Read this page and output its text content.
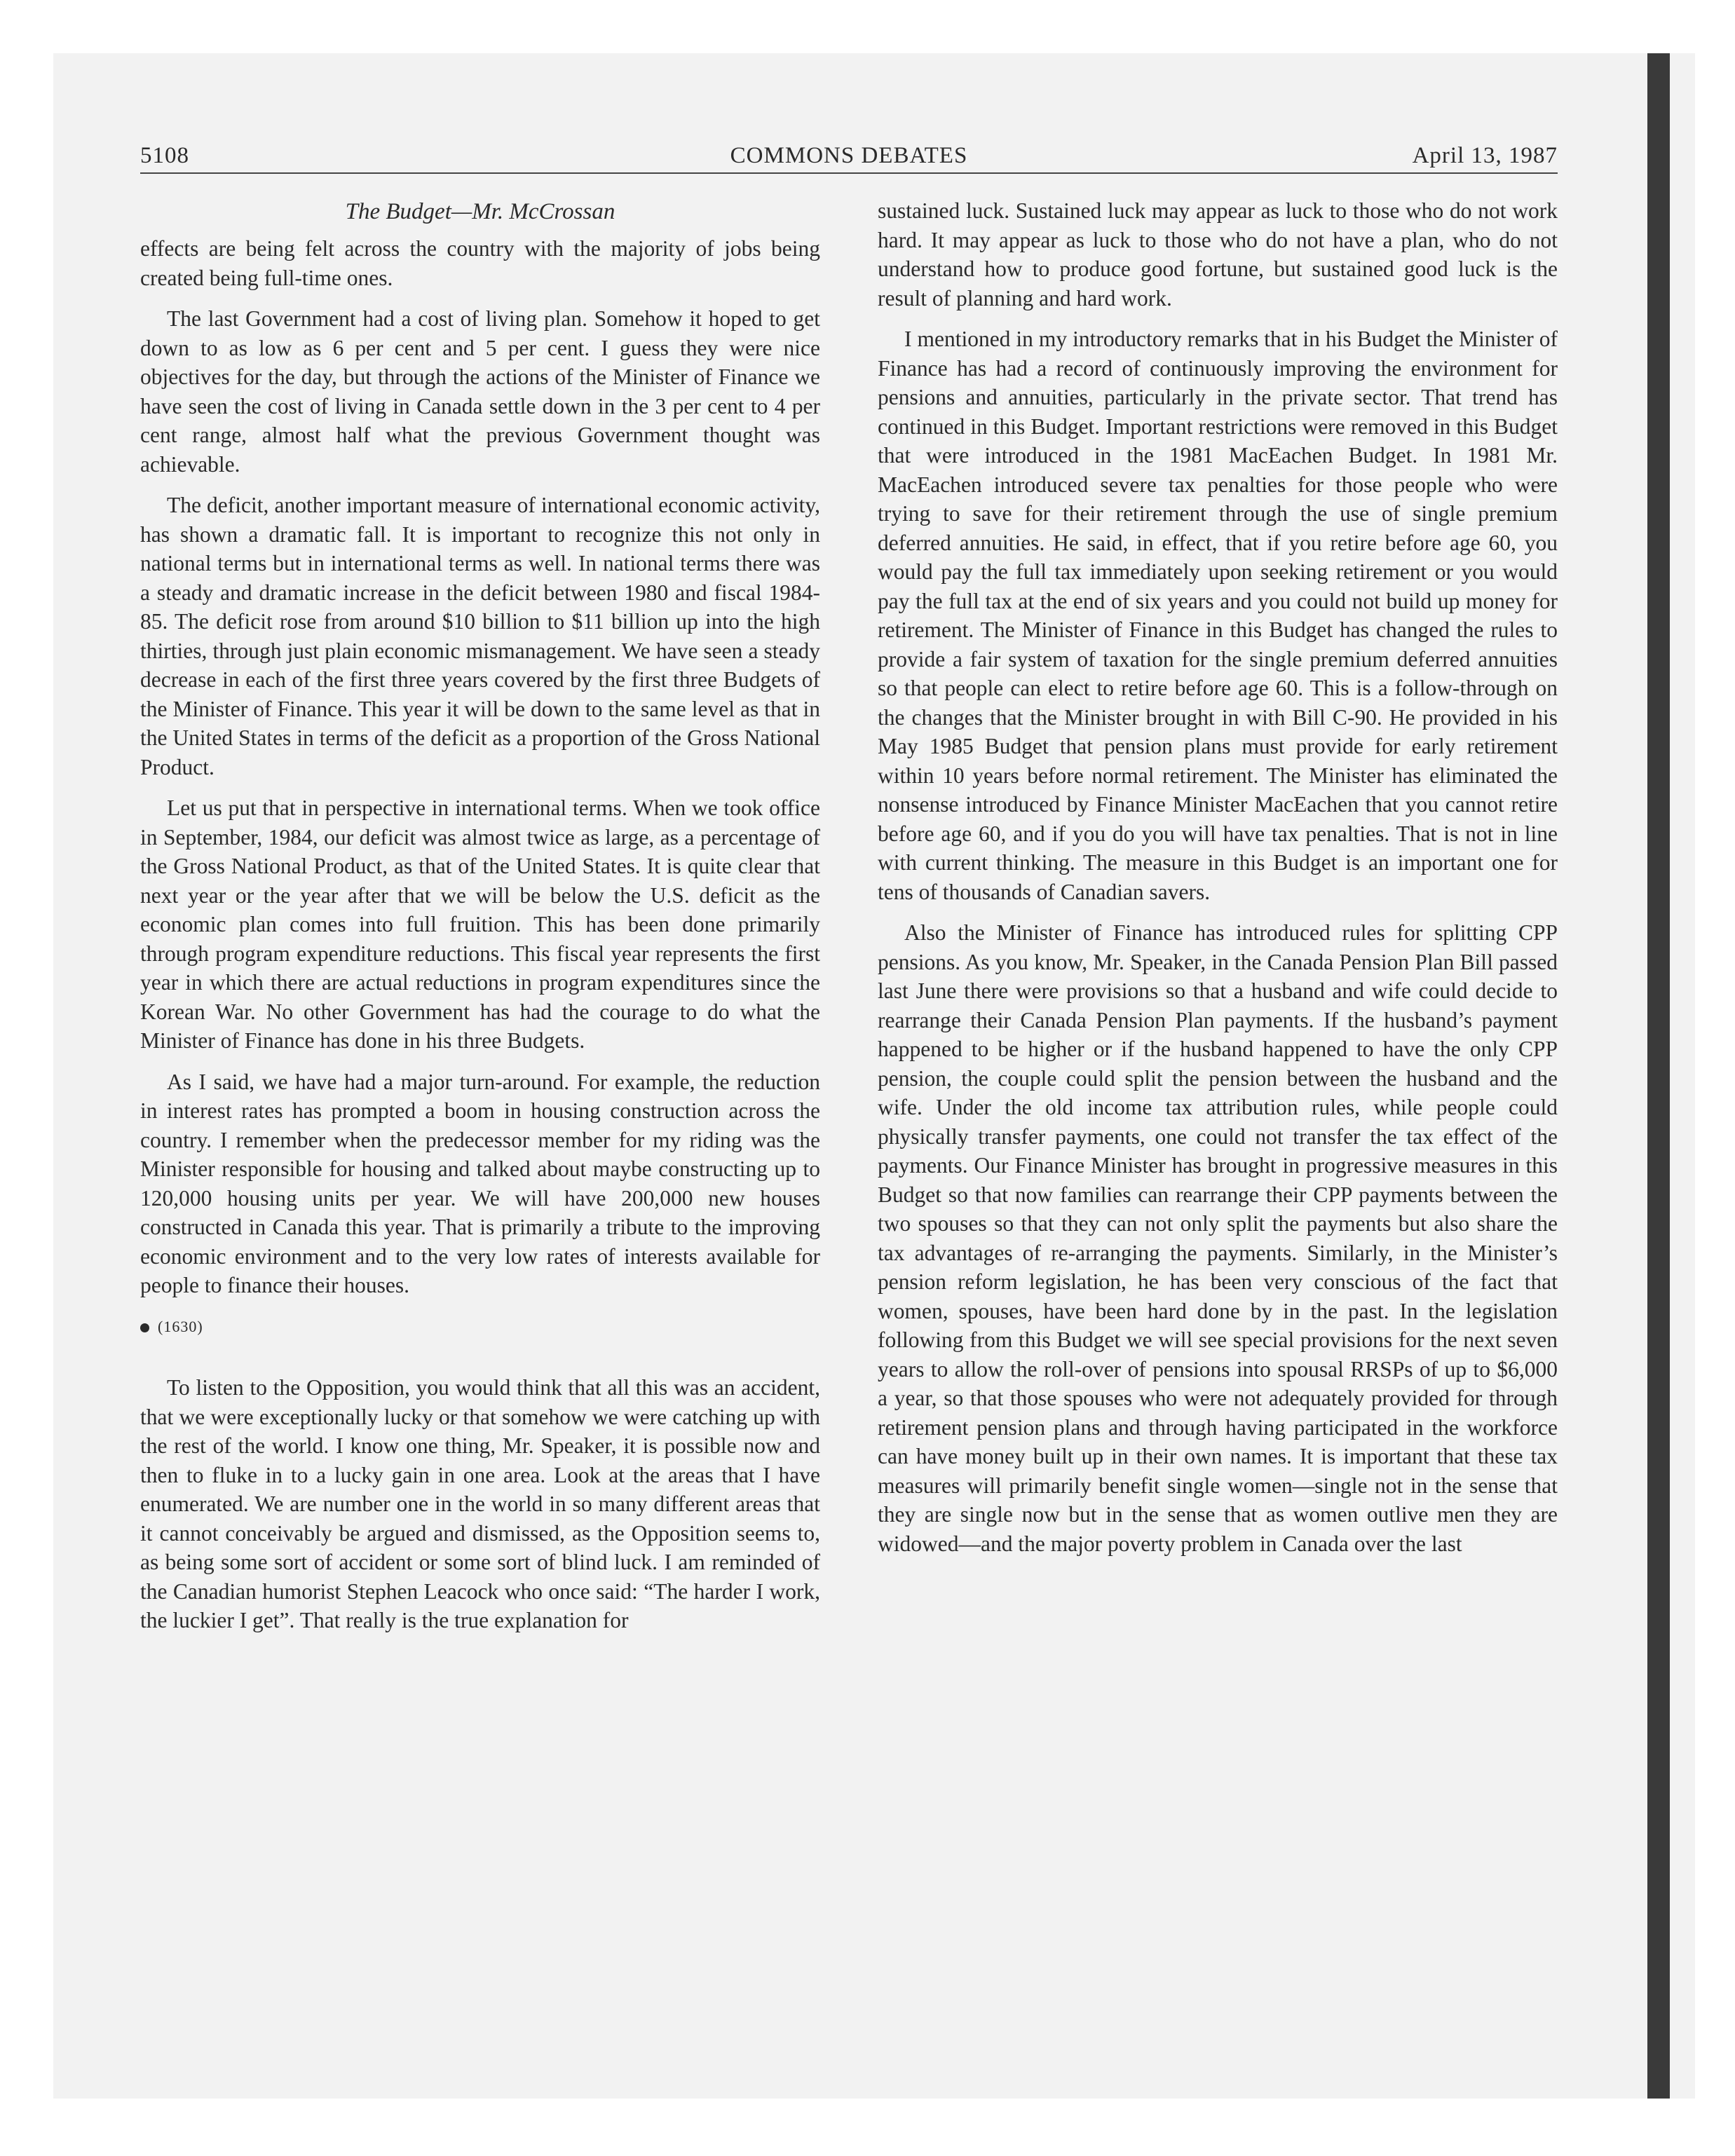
5108	COMMONS DEBATES	April 13, 1987
The Budget—Mr. McCrossan

effects are being felt across the country with the majority of jobs being created being full-time ones.

The last Government had a cost of living plan. Somehow it hoped to get down to as low as 6 per cent and 5 per cent. I guess they were nice objectives for the day, but through the actions of the Minister of Finance we have seen the cost of living in Canada settle down in the 3 per cent to 4 per cent range, almost half what the previous Government thought was achievable.

The deficit, another important measure of international economic activity, has shown a dramatic fall. It is important to recognize this not only in national terms but in international terms as well. In national terms there was a steady and dramatic increase in the deficit between 1980 and fiscal 1984-85. The deficit rose from around $10 billion to $11 billion up into the high thirties, through just plain economic mismanagement. We have seen a steady decrease in each of the first three years covered by the first three Budgets of the Minister of Finance. This year it will be down to the same level as that in the United States in terms of the deficit as a proportion of the Gross National Product.

Let us put that in perspective in international terms. When we took office in September, 1984, our deficit was almost twice as large, as a percentage of the Gross National Product, as that of the United States. It is quite clear that next year or the year after that we will be below the U.S. deficit as the economic plan comes into full fruition. This has been done primarily through program expenditure reductions. This fiscal year represents the first year in which there are actual reductions in program expenditures since the Korean War. No other Government has had the courage to do what the Minister of Finance has done in his three Budgets.

As I said, we have had a major turn-around. For example, the reduction in interest rates has prompted a boom in housing construction across the country. I remember when the predecessor member for my riding was the Minister responsible for housing and talked about maybe constructing up to 120,000 housing units per year. We will have 200,000 new houses constructed in Canada this year. That is primarily a tribute to the improving economic environment and to the very low rates of interests available for people to finance their houses.

(1630)

To listen to the Opposition, you would think that all this was an accident, that we were exceptionally lucky or that somehow we were catching up with the rest of the world. I know one thing, Mr. Speaker, it is possible now and then to fluke in to a lucky gain in one area. Look at the areas that I have enumerated. We are number one in the world in so many different areas that it cannot conceivably be argued and dismissed, as the Opposition seems to, as being some sort of accident or some sort of blind luck. I am reminded of the Canadian humorist Stephen Leacock who once said: “The harder I work, the luckier I get”. That really is the true explanation for

sustained luck. Sustained luck may appear as luck to those who do not work hard. It may appear as luck to those who do not have a plan, who do not understand how to produce good fortune, but sustained good luck is the result of planning and hard work.

I mentioned in my introductory remarks that in his Budget the Minister of Finance has had a record of continuously improving the environment for pensions and annuities, particularly in the private sector. That trend has continued in this Budget. Important restrictions were removed in this Budget that were introduced in the 1981 MacEachen Budget. In 1981 Mr. MacEachen introduced severe tax penalties for those people who were trying to save for their retirement through the use of single premium deferred annuities. He said, in effect, that if you retire before age 60, you would pay the full tax immediately upon seeking retirement or you would pay the full tax at the end of six years and you could not build up money for retirement. The Minister of Finance in this Budget has changed the rules to provide a fair system of taxation for the single premium deferred annuities so that people can elect to retire before age 60. This is a follow-through on the changes that the Minister brought in with Bill C-90. He provided in his May 1985 Budget that pension plans must provide for early retirement within 10 years before normal retirement. The Minister has eliminated the nonsense introduced by Finance Minister MacEachen that you cannot retire before age 60, and if you do you will have tax penalties. That is not in line with current thinking. The measure in this Budget is an important one for tens of thousands of Canadian savers.

Also the Minister of Finance has introduced rules for splitting CPP pensions. As you know, Mr. Speaker, in the Canada Pension Plan Bill passed last June there were provisions so that a husband and wife could decide to rearrange their Canada Pension Plan payments. If the husband’s payment happened to be higher or if the husband happened to have the only CPP pension, the couple could split the pension between the husband and the wife. Under the old income tax attribution rules, while people could physically transfer payments, one could not transfer the tax effect of the payments. Our Finance Minister has brought in progressive measures in this Budget so that now families can rearrange their CPP payments between the two spouses so that they can not only split the payments but also share the tax advantages of re-arranging the payments. Similarly, in the Minister’s pension reform legislation, he has been very conscious of the fact that women, spouses, have been hard done by in the past. In the legislation following from this Budget we will see special provisions for the next seven years to allow the roll-over of pensions into spousal RRSPs of up to $6,000 a year, so that those spouses who were not adequately provided for through retirement pension plans and through having participated in the workforce can have money built up in their own names. It is important that these tax measures will primarily benefit single women—single not in the sense that they are single now but in the sense that as women outlive men they are widowed—and the major poverty problem in Canada over the last
